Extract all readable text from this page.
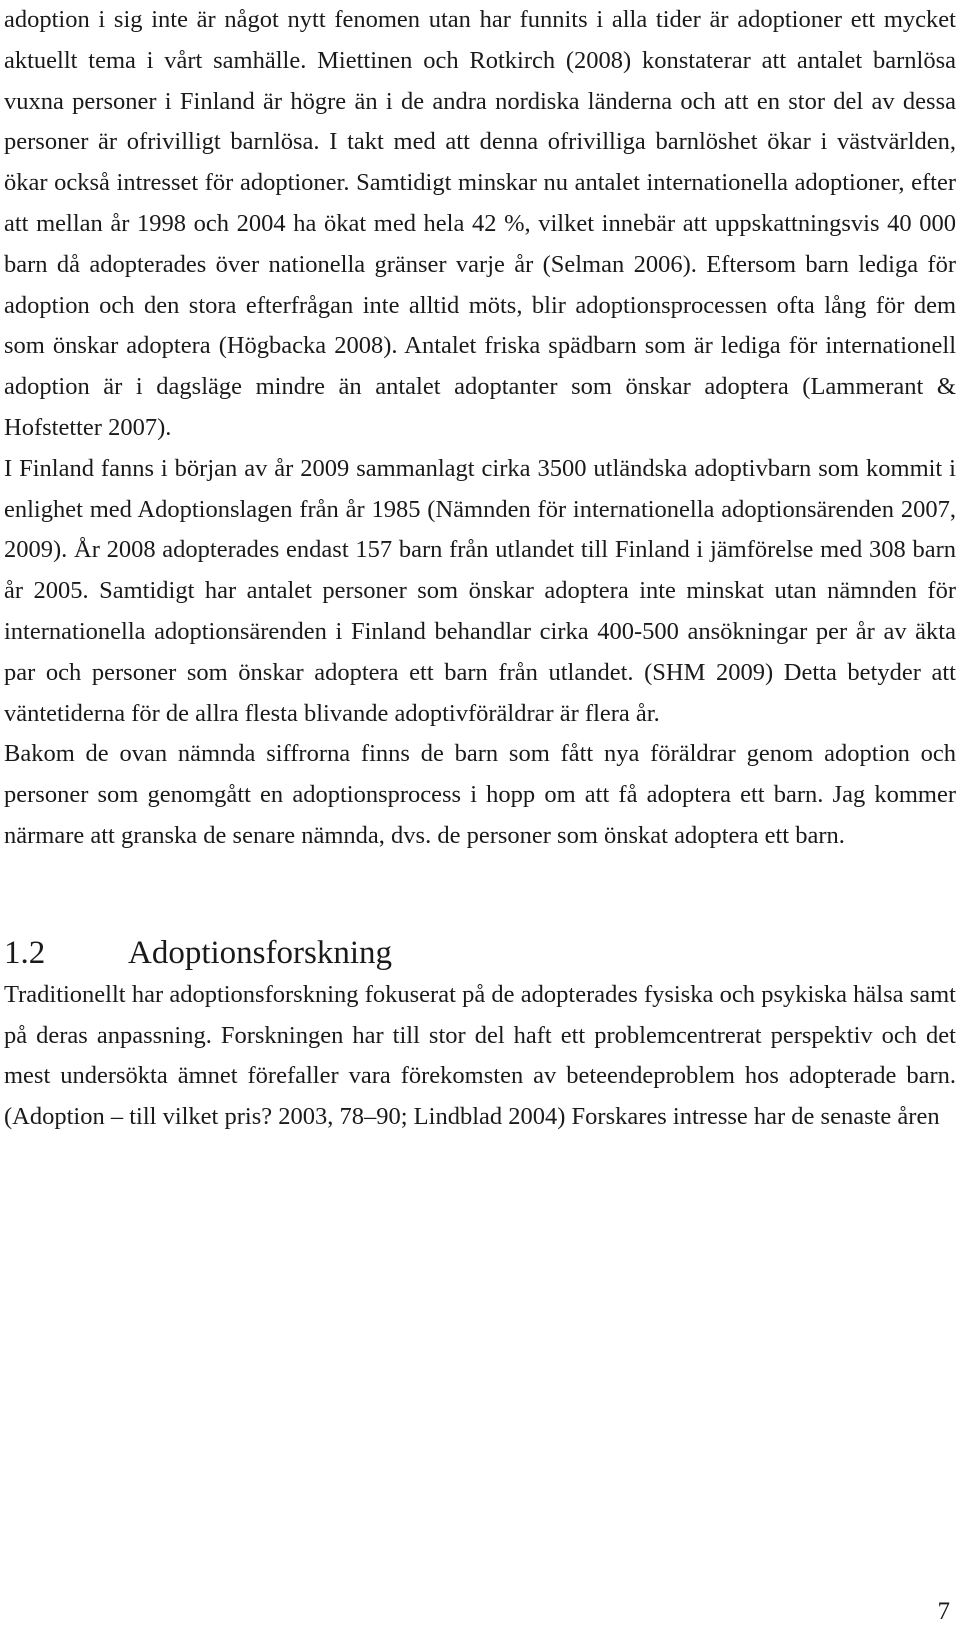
adoption i sig inte är något nytt fenomen utan har funnits i alla tider är adoptioner ett mycket aktuellt tema i vårt samhälle. Miettinen och Rotkirch (2008) konstaterar att antalet barnlösa vuxna personer i Finland är högre än i de andra nordiska länderna och att en stor del av dessa personer är ofrivilligt barnlösa. I takt med att denna ofrivilliga barnlöshet ökar i västvärlden, ökar också intresset för adoptioner. Samtidigt minskar nu antalet internationella adoptioner, efter att mellan år 1998 och 2004 ha ökat med hela 42 %, vilket innebär att uppskattningsvis 40 000 barn då adopterades över nationella gränser varje år (Selman 2006). Eftersom barn lediga för adoption och den stora efterfrågan inte alltid möts, blir adoptionsprocessen ofta lång för dem som önskar adoptera (Högbacka 2008). Antalet friska spädbarn som är lediga för internationell adoption är i dagsläge mindre än antalet adoptanter som önskar adoptera (Lammerant & Hofstetter 2007).

I Finland fanns i början av år 2009 sammanlagt cirka 3500 utländska adoptivbarn som kommit i enlighet med Adoptionslagen från år 1985 (Nämnden för internationella adoptionsärenden 2007, 2009). År 2008 adopterades endast 157 barn från utlandet till Finland i jämförelse med 308 barn år 2005. Samtidigt har antalet personer som önskar adoptera inte minskat utan nämnden för internationella adoptionsärenden i Finland behandlar cirka 400-500 ansökningar per år av äkta par och personer som önskar adoptera ett barn från utlandet. (SHM 2009) Detta betyder att väntetiderna för de allra flesta blivande adoptivföräldrar är flera år.

Bakom de ovan nämnda siffrorna finns de barn som fått nya föräldrar genom adoption och personer som genomgått en adoptionsprocess i hopp om att få adoptera ett barn. Jag kommer närmare att granska de senare nämnda, dvs. de personer som önskat adoptera ett barn.

1.2	Adoptionsforskning

Traditionellt har adoptionsforskning fokuserat på de adopterades fysiska och psykiska hälsa samt på deras anpassning. Forskningen har till stor del haft ett problemcentrerat perspektiv och det mest undersökta ämnet förefaller vara förekomsten av beteendeproblem hos adopterade barn. (Adoption – till vilket pris? 2003, 78–90; Lindblad 2004) Forskares intresse har de senaste åren

7
